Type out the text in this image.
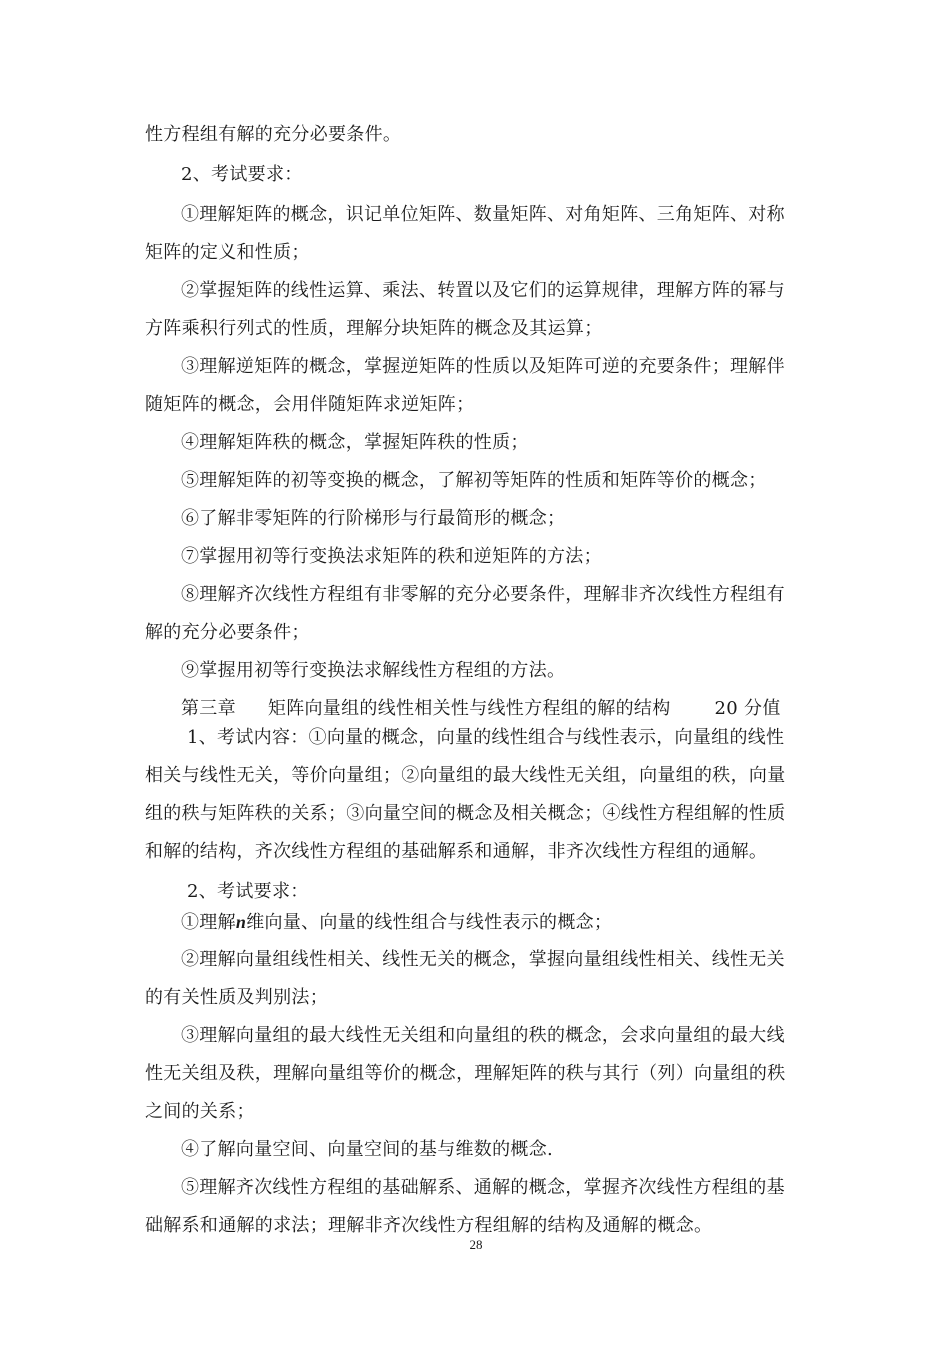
性方程组有解的充分必要条件。
2、考试要求：
①理解矩阵的概念，识记单位矩阵、数量矩阵、对角矩阵、三角矩阵、对称
矩阵的定义和性质；
②掌握矩阵的线性运算、乘法、转置以及它们的运算规律，理解方阵的幂与
方阵乘积行列式的性质，理解分块矩阵的概念及其运算；
③理解逆矩阵的概念，掌握逆矩阵的性质以及矩阵可逆的充要条件；理解伴
随矩阵的概念，会用伴随矩阵求逆矩阵；
④理解矩阵秩的概念，掌握矩阵秩的性质；
⑤理解矩阵的初等变换的概念，了解初等矩阵的性质和矩阵等价的概念；
⑥了解非零矩阵的行阶梯形与行最简形的概念；
⑦掌握用初等行变换法求矩阵的秩和逆矩阵的方法；
⑧理解齐次线性方程组有非零解的充分必要条件，理解非齐次线性方程组有
解的充分必要条件；
⑨掌握用初等行变换法求解线性方程组的方法。
第三章 矩阵向量组的线性相关性与线性方程组的解的结构 20 分值
1、考试内容：①向量的概念，向量的线性组合与线性表示，向量组的线性
相关与线性无关，等价向量组；②向量组的最大线性无关组，向量组的秩，向量
组的秩与矩阵秩的关系；③向量空间的概念及相关概念；④线性方程组解的性质
和解的结构，齐次线性方程组的基础解系和通解，非齐次线性方程组的通解。
2、考试要求：
①理解n维向量、向量的线性组合与线性表示的概念；
②理解向量组线性相关、线性无关的概念，掌握向量组线性相关、线性无关
的有关性质及判别法；
③理解向量组的最大线性无关组和向量组的秩的概念，会求向量组的最大线
性无关组及秩，理解向量组等价的概念，理解矩阵的秩与其行（列）向量组的秩
之间的关系；
④了解向量空间、向量空间的基与维数的概念.
⑤理解齐次线性方程组的基础解系、通解的概念，掌握齐次线性方程组的基
础解系和通解的求法；理解非齐次线性方程组解的结构及通解的概念。
28
